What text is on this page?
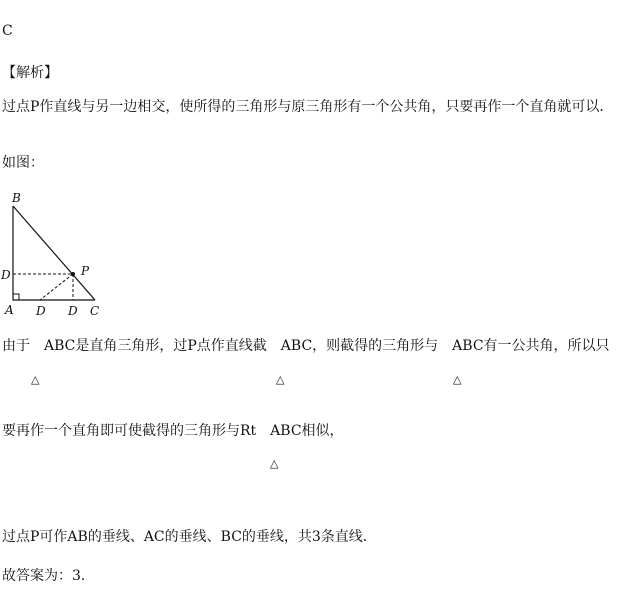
C
【解析】
过点P作直线与另一边相交，使所得的三角形与原三角形有一个公共角，只要再作一个直角就可以．
如图：
B
D	P
A D D C
由于　ABC是直角三角形，过P点作直线截　ABC，则截得的三角形与　ABC有一公共角，所以只
△	△	△
要再作一个直角即可使截得的三角形与Rt　ABC相似，
△
过点P可作AB的垂线、AC的垂线、BC的垂线，共3条直线．
故答案为：3．
